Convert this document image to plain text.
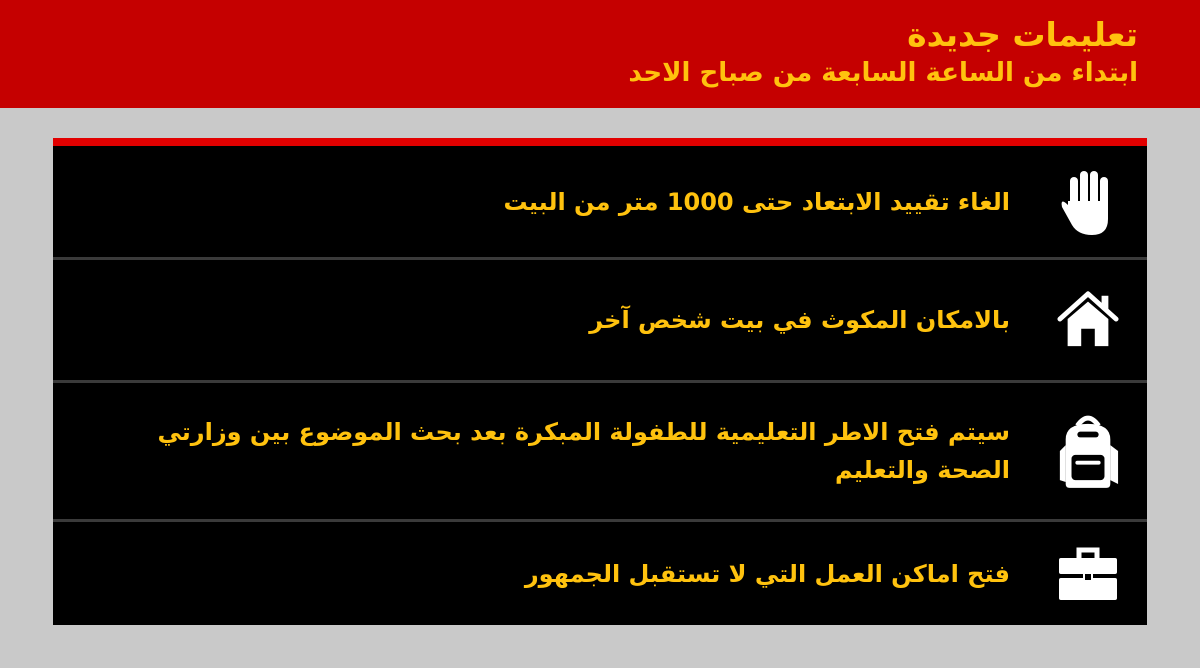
تعليمات جديدة
ابتداء من الساعة السابعة من صباح الاحد
الغاء تقييد الابتعاد حتى 1000 متر من البيت
بالامكان المكوث في بيت شخص آخر
سيتم فتح الاطر التعليمية للطفولة المبكرة بعد بحث الموضوع بين وزارتي الصحة والتعليم
فتح اماكن العمل التي لا تستقبل الجمهور
